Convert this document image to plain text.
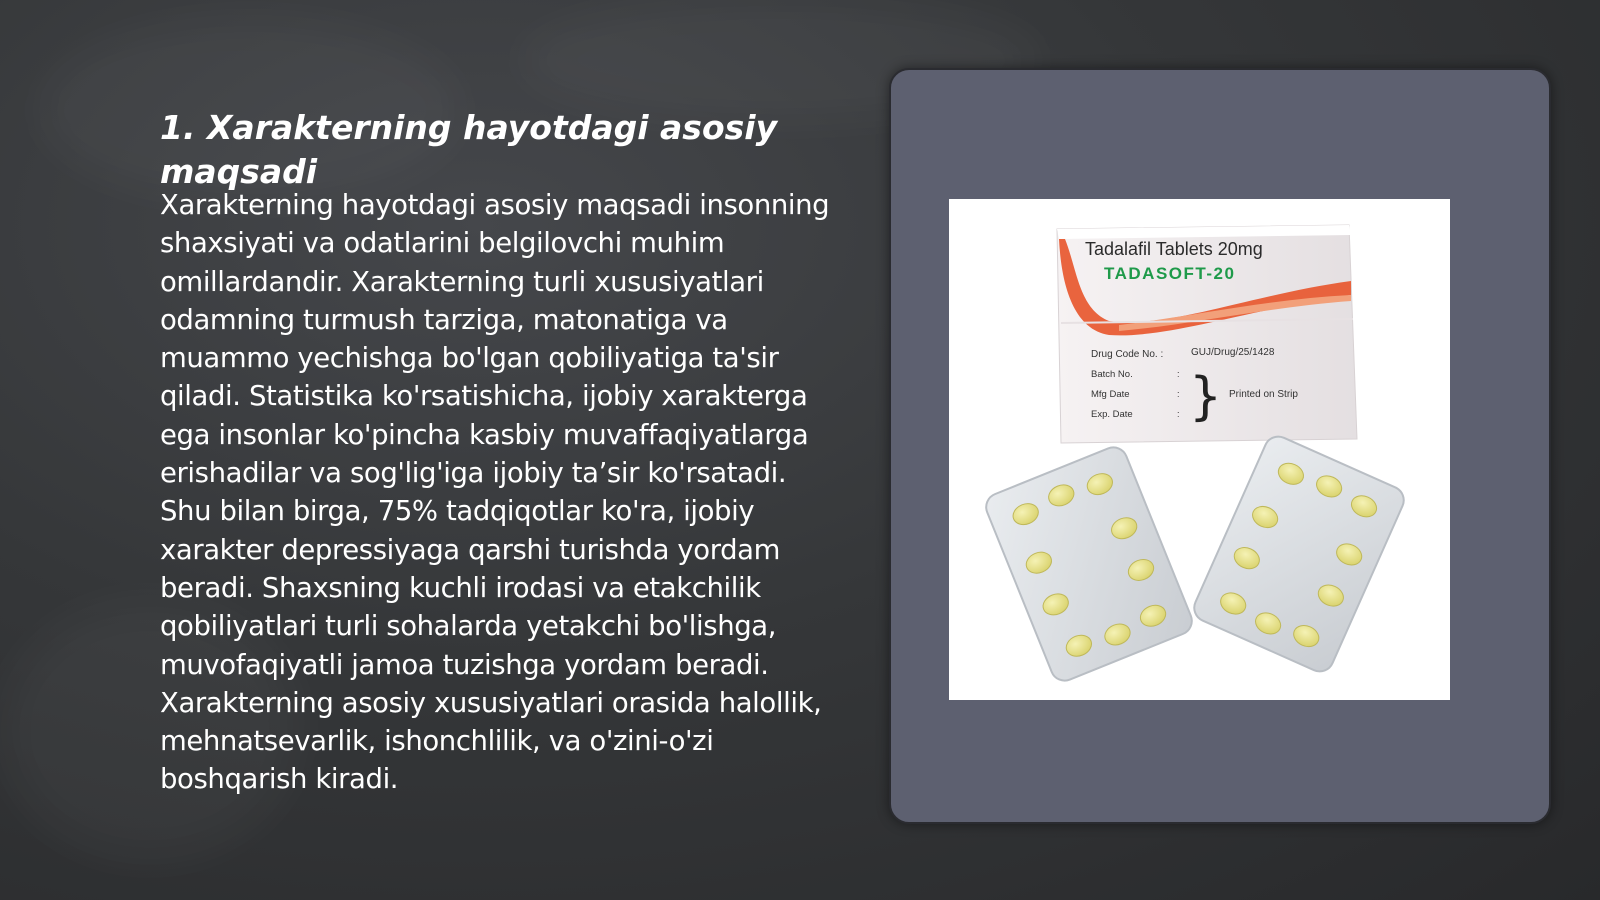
1. Xarakterning hayotdagi asosiy maqsadi

Xarakterning hayotdagi asosiy maqsadi insonning shaxsiyati va odatlarini belgilovchi muhim omillardandir. Xarakterning turli xususiyatlari odamning turmush tarziga, matonatiga va muammo yechishga bo'lgan qobiliyatiga ta'sir qiladi. Statistika ko'rsatishicha, ijobiy xarakterga ega insonlar ko'pincha kasbiy muvaffaqiyatlarga erishadilar va sog'lig'iga ijobiy ta’sir ko'rsatadi. Shu bilan birga, 75% tadqiqotlar ko'ra, ijobiy xarakter depressiyaga qarshi turishda yordam beradi. Shaxsning kuchli irodasi va etakchilik qobiliyatlari turli sohalarda yetakchi bo'lishga, muvofaqiyatli jamoa tuzishga yordam beradi. Xarakterning asosiy xususiyatlari orasida halollik, mehnatsevarlik, ishonchlilik, va o'zini-o'zi boshqarish kiradi.

Tadalafil Tablets 20mg
TADASOFT-20
Drug Code No. :	GUJ/Drug/25/1428
Batch No.
Mfg Date
Exp. Date
:
:
: } Printed on Strip
